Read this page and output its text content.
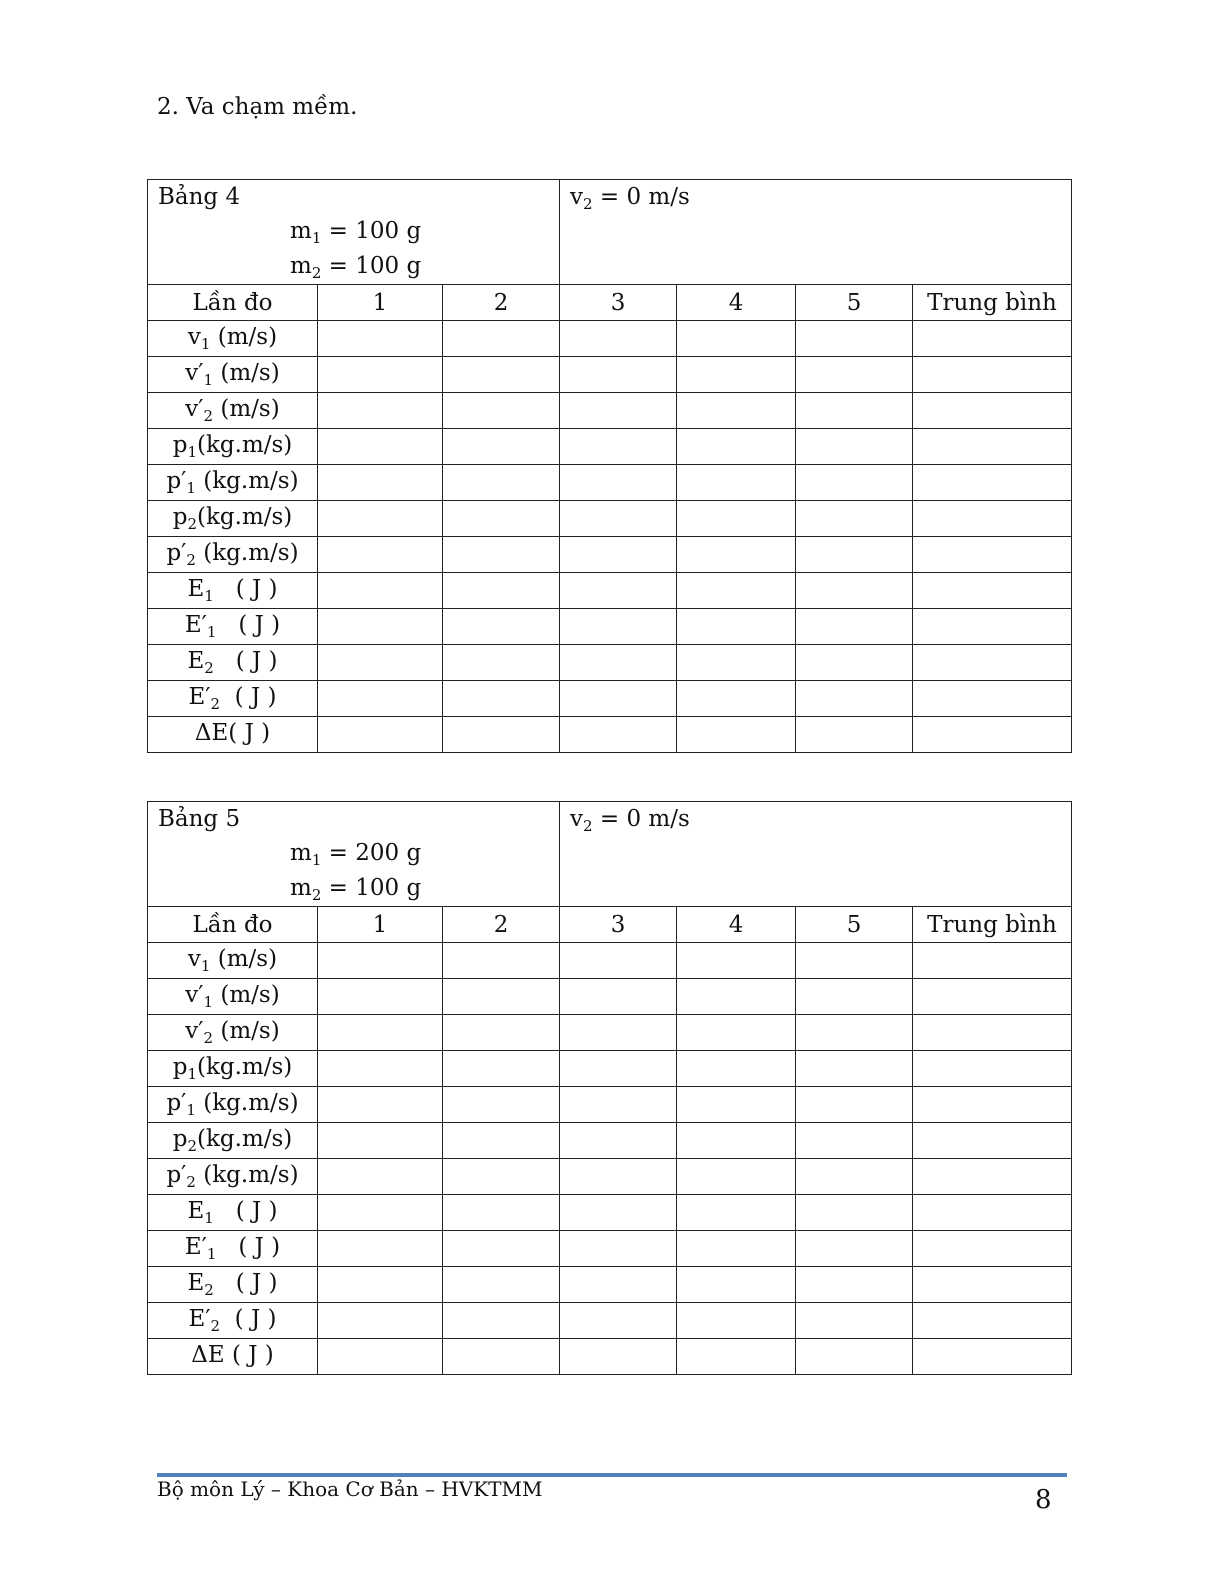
2. Va chạm mềm.
Bảng 4
$m_1 = 100$ g
$m_2 = 100$ g			$v_2 = 0$ m/s			
Lần đo	1	2	3	4	5	Trung bình
$v_1$ (m/s)						
$v'_1$ (m/s)						
$v'_2$ (m/s)						
$p_1(kg.m/s)$						
$p'_1$ (kg.m/s)						
$p_2(kg.m/s)$						
$p'_2$ (kg.m/s)						
$E_1$   ( J )						
$E'_1$   ( J )						
$E_2$   ( J )						
$E'_2$  ( J )						
ΔE( J )						
Bảng 5
$m_1 = 200$ g
$m_2 = 100$ g			$v_2 = 0$ m/s			
Lần đo	1	2	3	4	5	Trung bình
$v_1$ (m/s)						
$v'_1$ (m/s)						
$v'_2$ (m/s)						
$p_1(kg.m/s)$						
$p'_1$ (kg.m/s)						
$p_2(kg.m/s)$						
$p'_2$ (kg.m/s)						
$E_1$   ( J )						
$E'_1$   ( J )						
$E_2$   ( J )						
$E'_2$  ( J )						
ΔE ( J )						
Bộ môn Lý – Khoa Cơ Bản – HVKTMM	8
